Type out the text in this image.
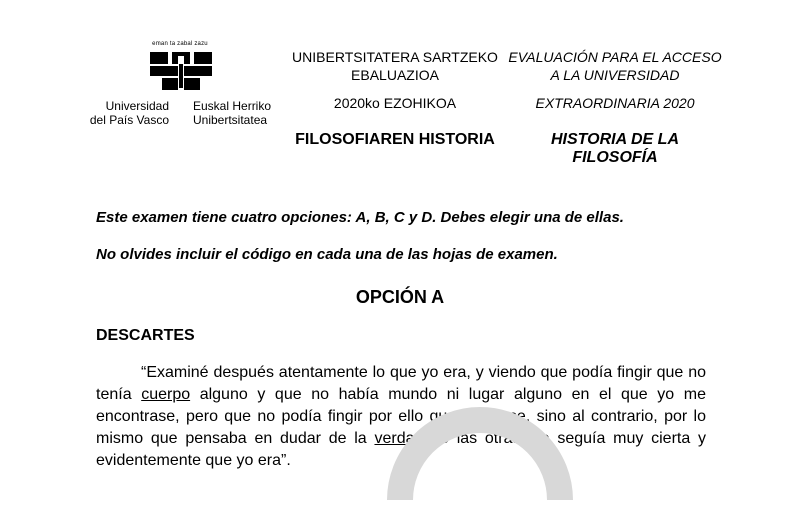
eman ta zabal zazu
Universidad
del País Vasco
Euskal Herriko
Unibertsitatea
UNIBERTSITATERA SARTZEKO
EBALUAZIOA
2020ko EZOHIKOA
FILOSOFIAREN HISTORIA
EVALUACIÓN PARA EL ACCESO
A LA UNIVERSIDAD
EXTRAORDINARIA 2020
HISTORIA DE LA
FILOSOFÍA
Este examen tiene cuatro opciones: A, B, C y D. Debes elegir una de ellas.
No olvides incluir el código en cada una de las hojas de examen.
OPCIÓN A
DESCARTES
“Examiné después atentamente lo que yo era, y viendo que podía fingir que no tenía cuerpo alguno y que no había mundo ni lugar alguno en el que yo me encontrase, pero que no podía fingir por ello que no fuese, sino al contrario, por lo mismo que pensaba en dudar de la verdad de las otras, se seguía muy cierta y evidentemente que yo era”.
